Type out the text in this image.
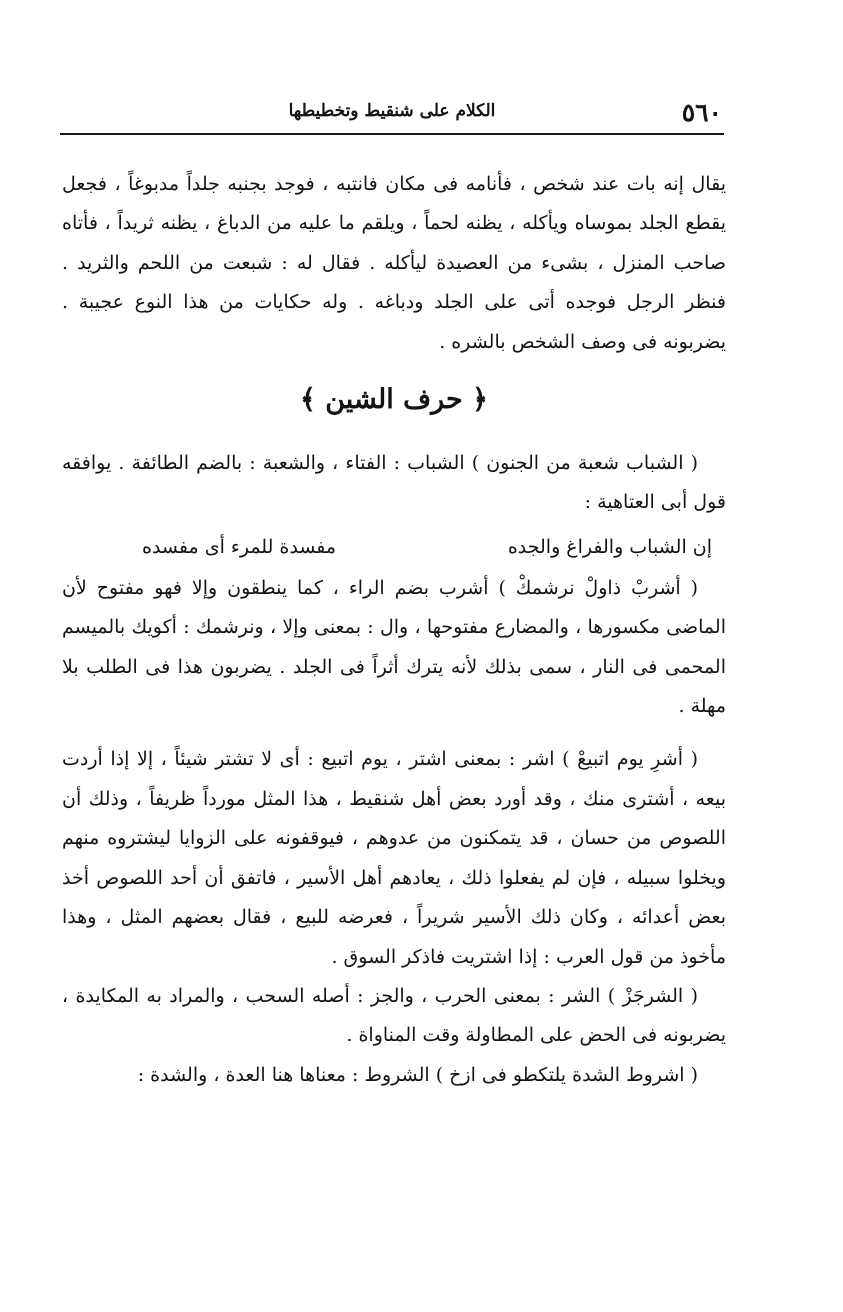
٥٦٠
الكلام على شنقيط وتخطيطها

يقال إنه بات عند شخص ، فأنامه فى مكان فانتبه ، فوجد بجنبه جلداً مدبوغاً ، فجعل يقطع الجلد بموساه ويأكله ، يظنه لحماً ، ويلقم ما عليه من الدباغ ، يظنه ثريداً ، فأتاه صاحب المنزل ، بشىء من العصيدة ليأكله . فقال له : شبعت من اللحم والثريد . فنظر الرجل فوجده أتى على الجلد ودباغه . وله حكايات من هذا النوع عجيبة . يضربونه فى وصف الشخص بالشره .

﴿ حرف الشين ﴾

( الشباب شعبة من الجنون ) الشباب : الفتاء ، والشعبة : بالضم الطائفة . يوافقه قول أبى العتاهية :

إن الشباب والفراغ والجده
مفسدة للمرء أى مفسده

( أشربْ ذاولْ نرشمكْ ) أشرب بضم الراء ، كما ينطقون وإلا فهو مفتوح لأن الماضى مكسورها ، والمضارع مفتوحها ، وال : بمعنى وإلا ، ونرشمك : أكويك بالميسم المحمى فى النار ، سمى بذلك لأنه يترك أثراً فى الجلد . يضربون هذا فى الطلب بلا مهلة .

( أشرِ يوم اتبيعْ ) اشر : بمعنى اشتر ، يوم اتبيع : أى لا تشتر شيئاً ، إلا إذا أردت بيعه ، أشترى منك ، وقد أورد بعض أهل شنقيط ، هذا المثل مورداً ظريفاً ، وذلك أن اللصوص من حسان ، قد يتمكنون من عدوهم ، فيوقفونه على الزوايا ليشتروه منهم ويخلوا سبيله ، فإن لم يفعلوا ذلك ، يعادهم أهل الأسير ، فاتفق أن أحد اللصوص أخذ بعض أعدائه ، وكان ذلك الأسير شريراً ، فعرضه للبيع ، فقال بعضهم المثل ، وهذا مأخوذ من قول العرب : إذا اشتريت فاذكر السوق .

( الشرجَزْ ) الشر : بمعنى الحرب ، والجز : أصله السحب ، والمراد به المكايدة ، يضربونه فى الحض على المطاولة وقت المناواة .

( اشروط الشدة يلتكطو فى ازخ ) الشروط : معناها هنا العدة ، والشدة :
